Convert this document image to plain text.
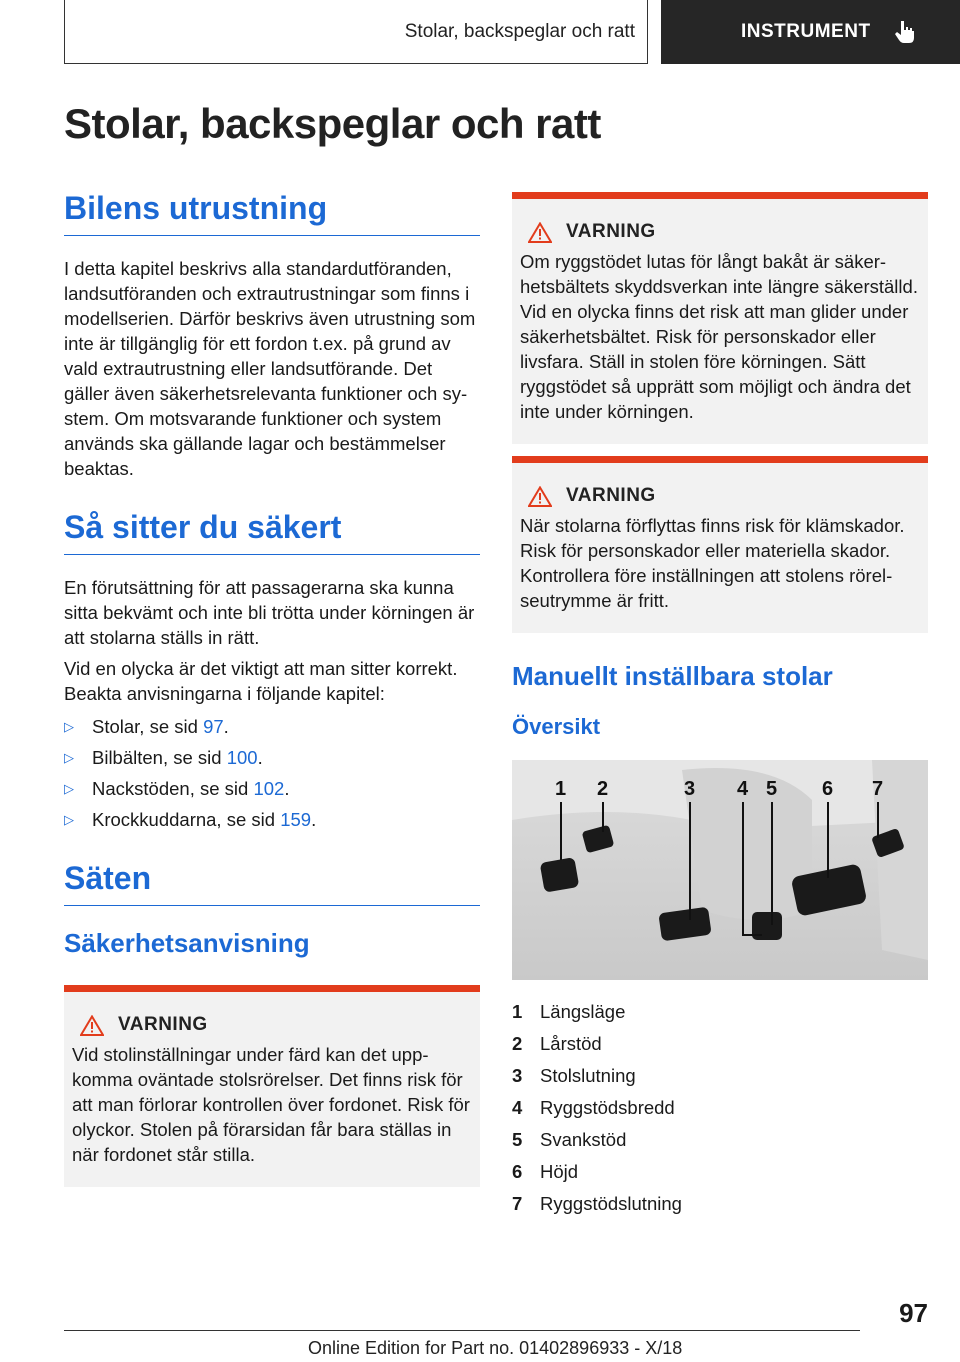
Stolar, backspeglar och ratt	INSTRUMENT
Stolar, backspeglar och ratt
Bilens utrustning

I detta kapitel beskrivs alla standardutföranden, landsutföranden och extrautrustningar som finns i modellserien. Därför beskrivs även utrustning som inte är tillgänglig för ett fordon t.ex. på grund av vald extrautrustning eller landsutförande. Det gäller även säkerhetsrelevanta funktioner och system. Om motsvarande funktioner och system används ska gällande lagar och bestämmelser beaktas.

Så sitter du säkert

En förutsättning för att passagerarna ska kunna sitta bekvämt och inte bli trötta under körningen är att stolarna ställs in rätt.

Vid en olycka är det viktigt att man sitter korrekt. Beakta anvisningarna i följande kapitel:

▷ Stolar, se sid 97.
▷ Bilbälten, se sid 100.
▷ Nackstöden, se sid 102.
▷ Krockkuddarna, se sid 159.
Säten
Säkerhetsanvisning
VARNING

Vid stolinställningar under färd kan det uppkomma oväntade stolsrörelser. Det finns risk för att man förlorar kontrollen över fordonet. Risk för olyckor. Stolen på förarsidan får bara ställas in när fordonet står stilla.

VARNING

Om ryggstödet lutas för långt bakåt är säkerhetsbältets skyddsverkan inte längre säkerställd. Vid en olycka finns det risk att man glider under säkerhetsbältet. Risk för personskador eller livsfara. Ställ in stolen före körningen. Sätt ryggstödet så upprätt som möjligt och ändra det inte under körningen.

VARNING

När stolarna förflyttas finns risk för klämskador. Risk för personskador eller materiella skador. Kontrollera före inställningen att stolens rörelseutrymme är fritt.

Manuellt inställbara stolar
Översikt
1 2	3 4 5 6 7
1 Längsläge
2 Lårstöd
3 Stolslutning
4 Ryggstödsbredd
5 Svankstöd
6 Höjd
7 Ryggstödslutning
97
Online Edition for Part no. 01402896933 - X/18
